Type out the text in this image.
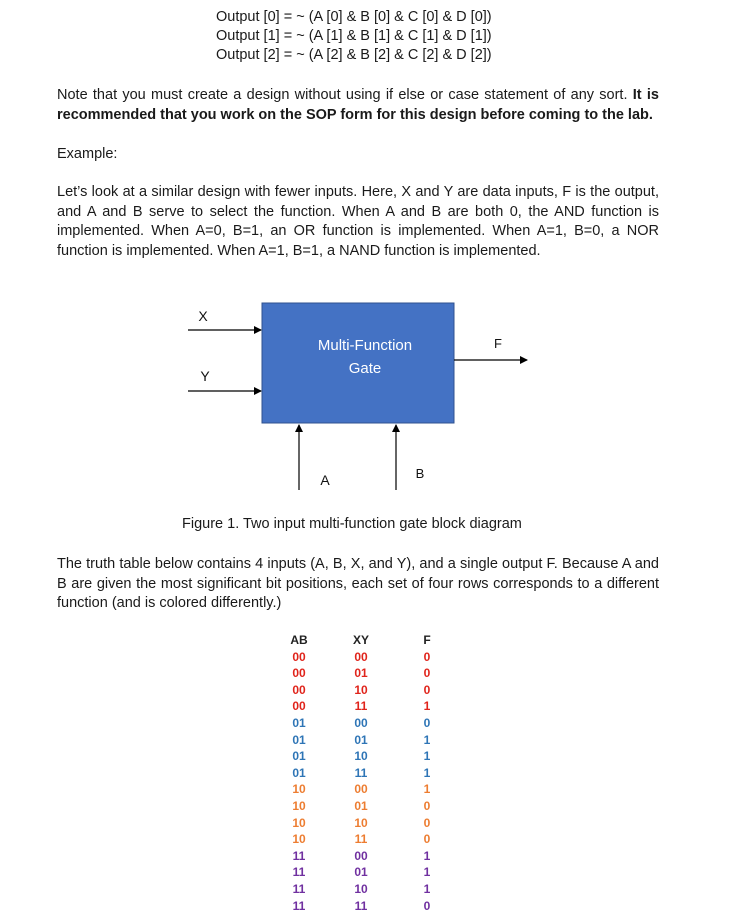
Output [0] = ~ (A [0] & B [0] & C [0] & D [0])
Output [1] = ~ (A [1] & B [1] & C [1] & D [1])
Output [2] = ~ (A [2] & B [2] & C [2] & D [2])
Note that you must create a design without using if else or case statement of any sort. It is recommended that you work on the SOP form for this design before coming to the lab.
Example:
Let’s look at a similar design with fewer inputs. Here, X and Y are data inputs, F is the output,
and A and B serve to select the function. When A and B are both 0, the AND function is
implemented. When A=0, B=1, an OR function is implemented. When A=1, B=0, a NOR
function is implemented. When A=1, B=1, a NAND function is implemented.
Multi-Function
Gate
X
Y
F
A	B
Figure 1. Two input multi-function gate block diagram
The truth table below contains 4 inputs (A, B, X, and Y), and a single output F. Because A and
B are given the most significant bit positions, each set of four rows corresponds to a different
function (and is colored differently.)
AB	XY	F
00	00	0
00	01	0
00	10	0
00	11	1
01	00	0
01	01	1
01	10	1
01	11	1
10	00	1
10	01	0
10	10	0
10	11	0
11	00	1
11	01	1
11	10	1
11	11	0
